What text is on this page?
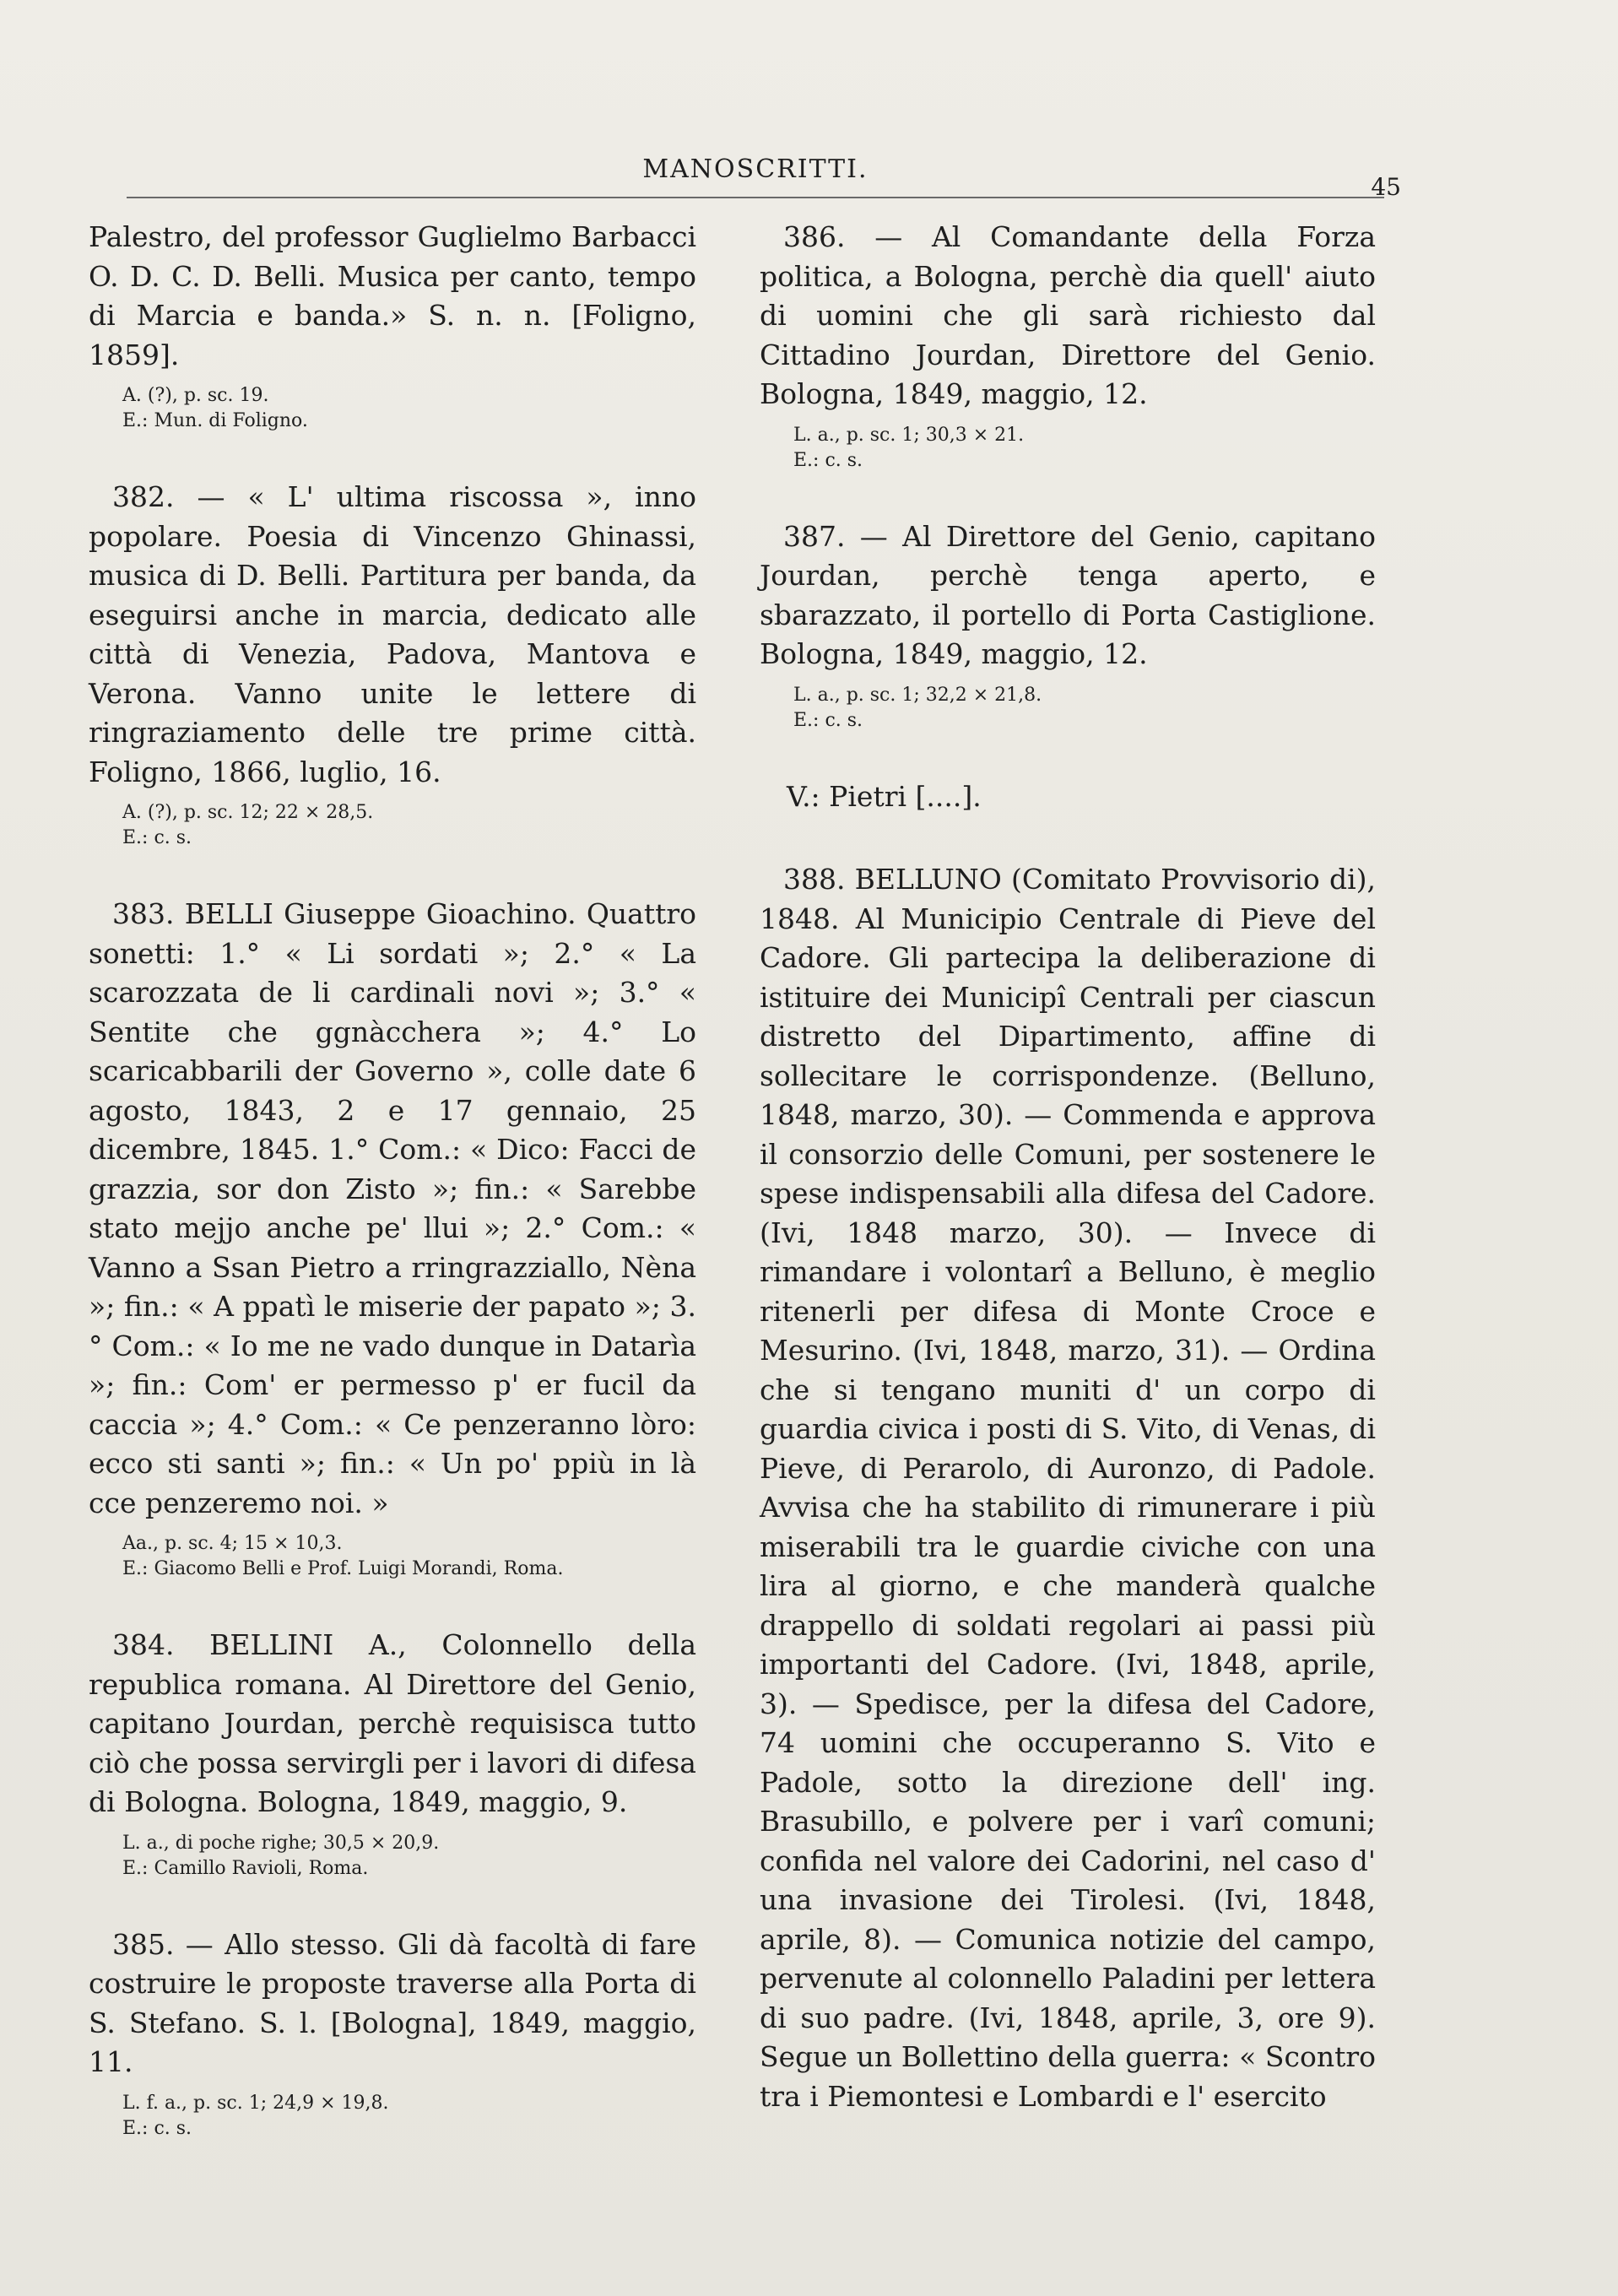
MANOSCRITTI.
45

Palestro, del professor Guglielmo Barbacci O. D. C. D. Belli. Musica per canto, tempo di Marcia e banda.» S. n. n. [Foligno, 1859].

A. (?), p. sc. 19.
E.: Mun. di Foligno.

382. — « L' ultima riscossa », inno popolare. Poesia di Vincenzo Ghinassi, musica di D. Belli. Partitura per banda, da eseguirsi anche in marcia, dedicato alle città di Venezia, Padova, Mantova e Verona. Vanno unite le lettere di ringraziamento delle tre prime città. Foligno, 1866, luglio, 16.

A. (?), p. sc. 12; 22 × 28,5.
E.: c. s.

383. BELLI Giuseppe Gioachino. Quattro sonetti: 1.° « Li sordati »; 2.° « La scarozzata de li cardinali novi »; 3.° « Sentite che ggnàcchera »; 4.° Lo scaricabbarili der Governo », colle date 6 agosto, 1843, 2 e 17 gennaio, 25 dicembre, 1845. 1.° Com.: « Dico: Facci de grazzia, sor don Zisto »; fin.: « Sarebbe stato mejjo anche pe' llui »; 2.° Com.: « Vanno a Ssan Pietro a rringrazziallo, Nèna »; fin.: « A ppatì le miserie der papato »; 3.° Com.: « Io me ne vado dunque in Datarìa »; fin.: Com' er permesso p' er fucil da caccia »; 4.° Com.: « Ce penzeranno lòro: ecco sti santi »; fin.: « Un po' ppiù in là cce penzeremo noi. »

Aa., p. sc. 4; 15 × 10,3.
E.: Giacomo Belli e Prof. Luigi Morandi, Roma.

384. BELLINI A., Colonnello della republica romana. Al Direttore del Genio, capitano Jourdan, perchè requisisca tutto ciò che possa servirgli per i lavori di difesa di Bologna. Bologna, 1849, maggio, 9.

L. a., di poche righe; 30,5 × 20,9.
E.: Camillo Ravioli, Roma.

385. — Allo stesso. Gli dà facoltà di fare costruire le proposte traverse alla Porta di S. Stefano. S. l. [Bologna], 1849, maggio, 11.

L. f. a., p. sc. 1; 24,9 × 19,8.
E.: c. s.

386. — Al Comandante della Forza politica, a Bologna, perchè dia quell' aiuto di uomini che gli sarà richiesto dal Cittadino Jourdan, Direttore del Genio. Bologna, 1849, maggio, 12.

L. a., p. sc. 1; 30,3 × 21.
E.: c. s.

387. — Al Direttore del Genio, capitano Jourdan, perchè tenga aperto, e sbarazzato, il portello di Porta Castiglione. Bologna, 1849, maggio, 12.

L. a., p. sc. 1; 32,2 × 21,8.
E.: c. s.
V.: Pietri [....].

388. BELLUNO (Comitato Provvisorio di), 1848. Al Municipio Centrale di Pieve del Cadore. Gli partecipa la deliberazione di istituire dei Municipî Centrali per ciascun distretto del Dipartimento, affine di sollecitare le corrispondenze. (Belluno, 1848, marzo, 30). — Commenda e approva il consorzio delle Comuni, per sostenere le spese indispensabili alla difesa del Cadore. (Ivi, 1848 marzo, 30). — Invece di rimandare i volontarî a Belluno, è meglio ritenerli per difesa di Monte Croce e Mesurino. (Ivi, 1848, marzo, 31). — Ordina che si tengano muniti d' un corpo di guardia civica i posti di S. Vito, di Venas, di Pieve, di Perarolo, di Auronzo, di Padole. Avvisa che ha stabilito di rimunerare i più miserabili tra le guardie civiche con una lira al giorno, e che manderà qualche drappello di soldati regolari ai passi più importanti del Cadore. (Ivi, 1848, aprile, 3). — Spedisce, per la difesa del Cadore, 74 uomini che occuperanno S. Vito e Padole, sotto la direzione dell' ing. Brasubillo, e polvere per i varî comuni; confida nel valore dei Cadorini, nel caso d' una invasione dei Tirolesi. (Ivi, 1848, aprile, 8). — Comunica notizie del campo, pervenute al colonnello Paladini per lettera di suo padre. (Ivi, 1848, aprile, 3, ore 9). Segue un Bollettino della guerra: « Scontro tra i Piemontesi e Lombardi e l' esercito
